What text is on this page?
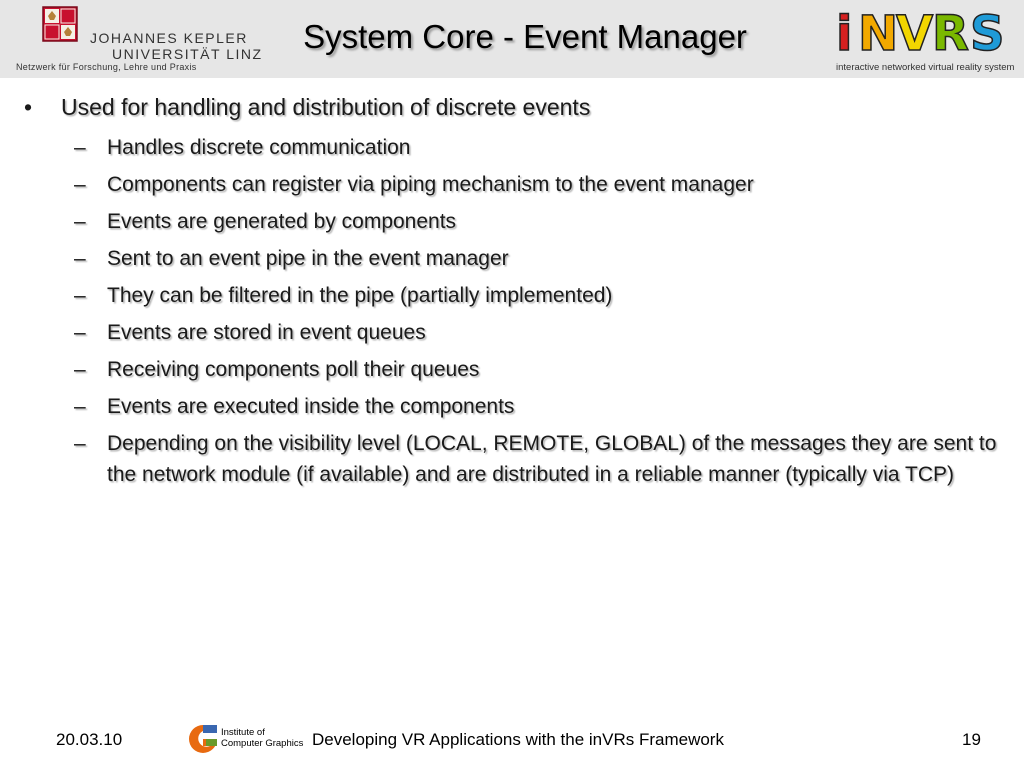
JOHANNES KEPLER
UNIVERSITÄT LINZ
Netzwerk für Forschung, Lehre und Praxis
System Core - Event Manager	i N
V
R S
interactive networked virtual reality system
• Used for handling and distribution of discrete events
– Handles discrete communication
– Components can register via piping mechanism to the event manager
– Events are generated by components
– Sent to an event pipe in the event manager
– They can be filtered in the pipe (partially implemented)
– Events are stored in event queues
– Receiving components poll their queues
– Events are executed inside the components
– Depending on the visibility level (LOCAL, REMOTE, GLOBAL) of the messages they are sent to the network module (if available) and are distributed in a reliable manner (typically via TCP)
20.03.10	Institute of
Computer Graphics Developing VR Applications with the inVRs Framework	19
